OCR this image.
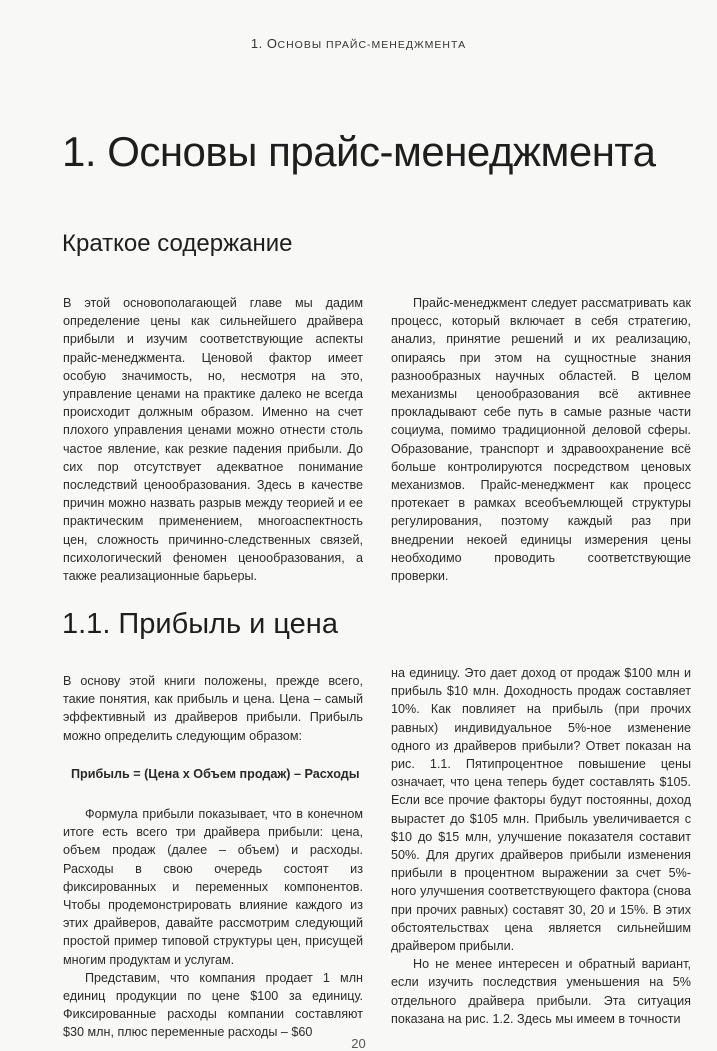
1. ОСНОВЫ ПРАЙС-МЕНЕДЖМЕНТА
1. Основы прайс-менеджмента
Краткое содержание

В этой основополагающей главе мы дадим определение цены как сильнейшего драйвера прибыли и изучим соответствующие аспекты прайс-менеджмента. Ценовой фактор имеет особую значимость, но, несмотря на это, управление ценами на практике далеко не всегда происходит должным образом. Именно на счет плохого управления ценами можно отнести столь частое явление, как резкие падения прибыли. До сих пор отсутствует адекватное понимание последствий ценообразования. Здесь в качестве причин можно назвать разрыв между теорией и ее практическим применением, многоаспектность цен, сложность причинно-следственных связей, психологический феномен ценообразования, а также реализационные барьеры.

Прайс-менеджмент следует рассматривать как процесс, который включает в себя стратегию, анализ, принятие решений и их реализацию, опираясь при этом на сущностные знания разнообразных научных областей. В целом механизмы ценообразования всё активнее прокладывают себе путь в самые разные части социума, помимо традиционной деловой сферы. Образование, транспорт и здравоохранение всё больше контролируются посредством ценовых механизмов. Прайс-менеджмент как процесс протекает в рамках всеобъемлющей структуры регулирования, поэтому каждый раз при внедрении некоей единицы измерения цены необходимо проводить соответствующие проверки.

1.1. Прибыль и цена

В основу этой книги положены, прежде всего, такие понятия, как прибыль и цена. Цена – самый эффективный из драйверов прибыли. Прибыль можно определить следующим образом:

Прибыль = (Цена х Объем продаж) – Расходы

Формула прибыли показывает, что в конечном итоге есть всего три драйвера прибыли: цена, объем продаж (далее – объем) и расходы. Расходы в свою очередь состоят из фиксированных и переменных компонентов. Чтобы продемонстрировать влияние каждого из этих драйверов, давайте рассмотрим следующий простой пример типовой структуры цен, присущей многим продуктам и услугам.

Представим, что компания продает 1 млн единиц продукции по цене $100 за единицу. Фиксированные расходы компании составляют $30 млн, плюс переменные расходы – $60

на единицу. Это дает доход от продаж $100 млн и прибыль $10 млн. Доходность продаж составляет 10%. Как повлияет на прибыль (при прочих равных) индивидуальное 5%-ное изменение одного из драйверов прибыли? Ответ показан на рис. 1.1. Пятипроцентное повышение цены означает, что цена теперь будет составлять $105. Если все прочие факторы будут постоянны, доход вырастет до $105 млн. Прибыль увеличивается с $10 до $15 млн, улучшение показателя составит 50%. Для других драйверов прибыли изменения прибыли в процентном выражении за счет 5%-ного улучшения соответствующего фактора (снова при прочих равных) составят 30, 20 и 15%. В этих обстоятельствах цена является сильнейшим драйвером прибыли.

Но не менее интересен и обратный вариант, если изучить последствия уменьшения на 5% отдельного драйвера прибыли. Эта ситуация показана на рис. 1.2. Здесь мы имеем в точности

20
